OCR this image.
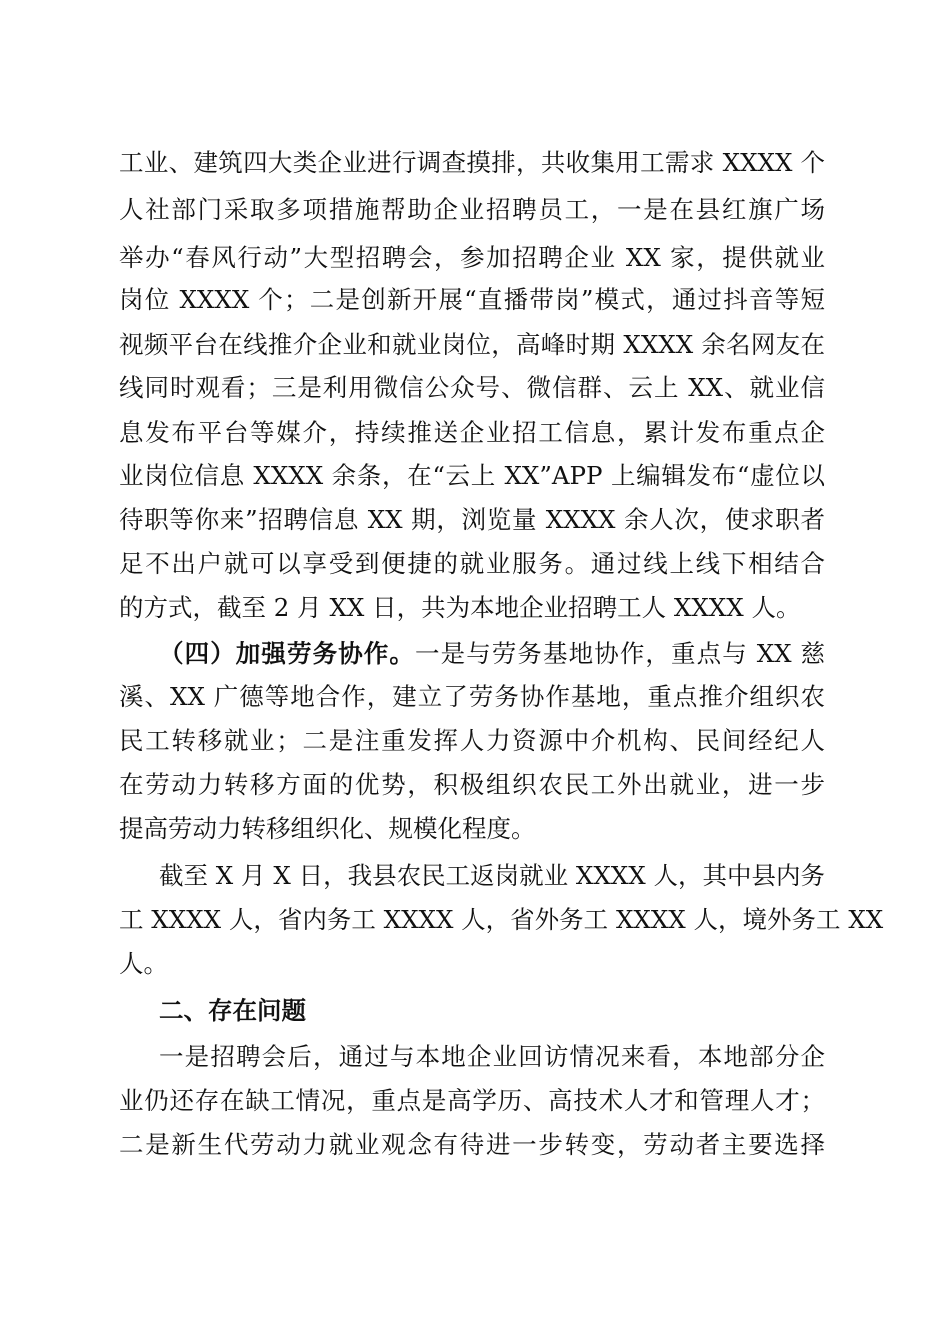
工业、建筑四大类企业进行调查摸排，共收集用工需求 XXXX 个
人社部门采取多项措施帮助企业招聘员工，一是在县红旗广场
举办“春风行动”大型招聘会，参加招聘企业 XX 家，提供就业
岗位 XXXX 个；二是创新开展“直播带岗”模式，通过抖音等短
视频平台在线推介企业和就业岗位，高峰时期 XXXX 余名网友在
线同时观看；三是利用微信公众号、微信群、云上 XX、就业信
息发布平台等媒介，持续推送企业招工信息，累计发布重点企
业岗位信息 XXXX 余条，在“云上 XX”APP 上编辑发布“虚位以
待职等你来”招聘信息 XX 期，浏览量 XXXX 余人次，使求职者
足不出户就可以享受到便捷的就业服务。通过线上线下相结合
的方式，截至 2 月 XX 日，共为本地企业招聘工人 XXXX 人。
（四）加强劳务协作。一是与劳务基地协作，重点与 XX 慈
溪、XX 广德等地合作，建立了劳务协作基地，重点推介组织农
民工转移就业；二是注重发挥人力资源中介机构、民间经纪人
在劳动力转移方面的优势，积极组织农民工外出就业，进一步
提高劳动力转移组织化、规模化程度。
截至 X 月 X 日，我县农民工返岗就业 XXXX 人，其中县内务
工 XXXX 人，省内务工 XXXX 人，省外务工 XXXX 人，境外务工 XX
人。
二、存在问题
一是招聘会后，通过与本地企业回访情况来看，本地部分企
业仍还存在缺工情况，重点是高学历、高技术人才和管理人才；
二是新生代劳动力就业观念有待进一步转变，劳动者主要选择
